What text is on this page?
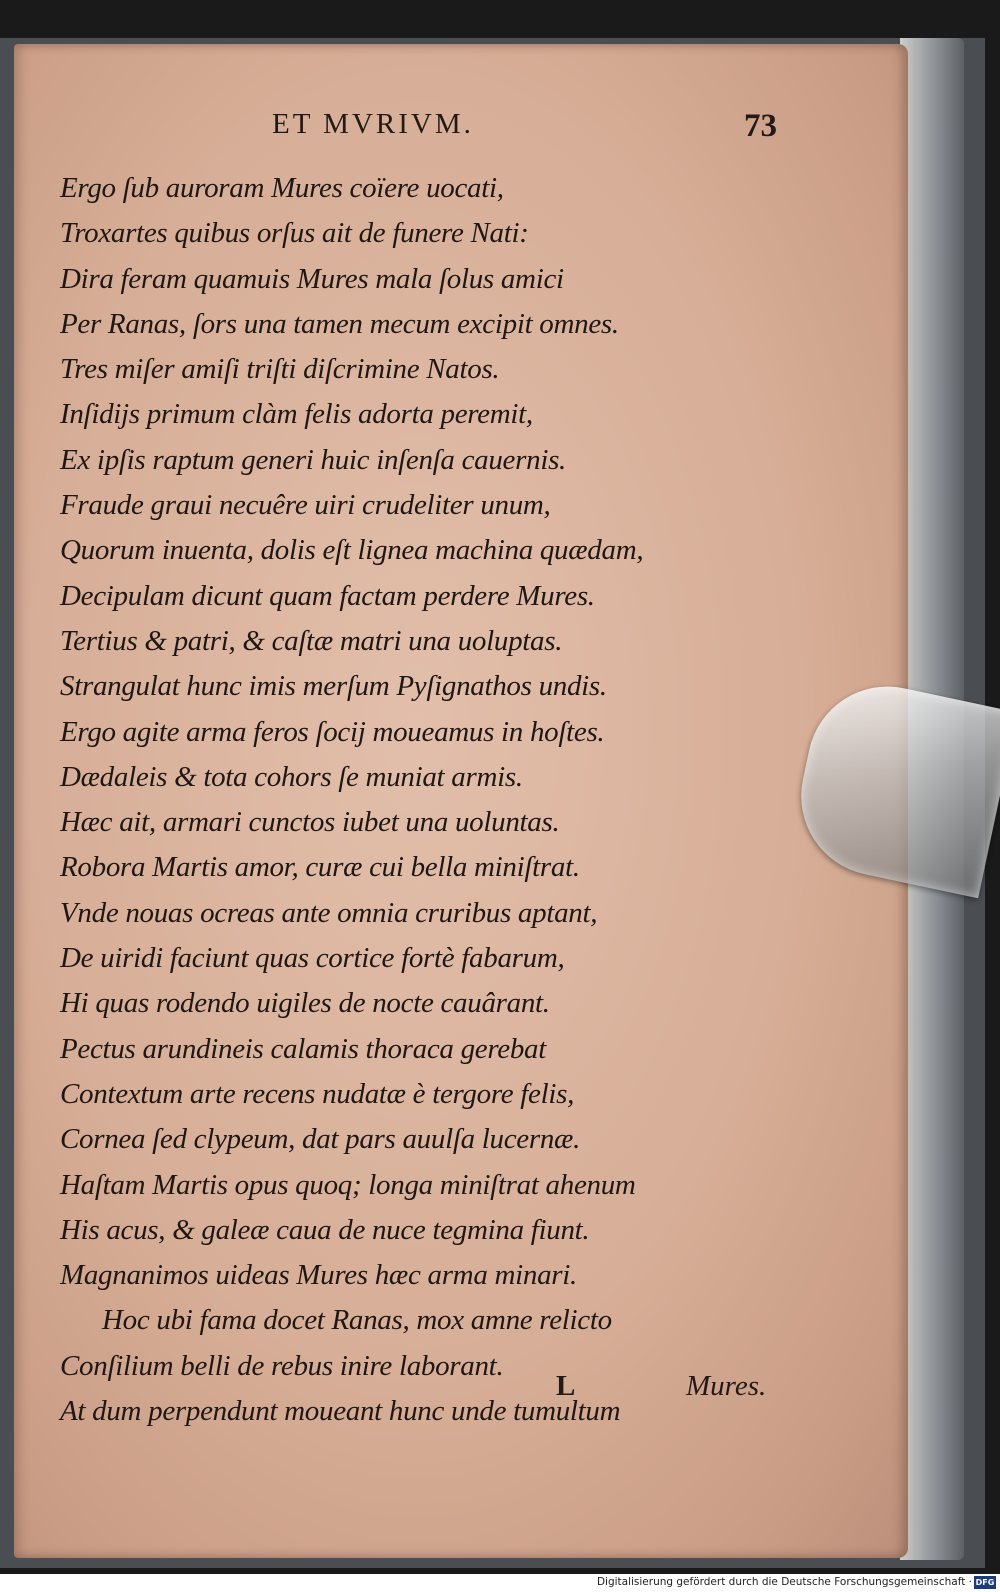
ET MVRIVM.	73
Ergo ſub auroram Mures coïere uocati,
Troxartes quibus orſus ait de funere Nati:
Dira feram quamuis Mures mala ſolus amici
Per Ranas, ſors una tamen mecum excipit omnes.
Tres miſer amiſi triſti diſcrimine Natos.
Inſidijs primum clàm felis adorta peremit,
Ex ipſis raptum generi huic inſenſa cauernis.
Fraude graui necuêre uiri crudeliter unum,
Quorum inuenta, dolis eſt lignea machina quædam,
Decipulam dicunt quam factam perdere Mures.
Tertius & patri, & caſtæ matri una uoluptas.
Strangulat hunc imis merſum Pyſignathos undis.
Ergo agite arma feros ſocij moueamus in hoſtes.
Dædaleis & tota cohors ſe muniat armis.
Hæc ait, armari cunctos iubet una uoluntas.
Robora Martis amor, curæ cui bella miniſtrat.
Vnde nouas ocreas ante omnia cruribus aptant,
De uiridi faciunt quas cortice fortè fabarum,
Hi quas rodendo uigiles de nocte cauârant.
Pectus arundineis calamis thoraca gerebat
Contextum arte recens nudatæ è tergore felis,
Cornea ſed clypeum, dat pars auulſa lucernæ.
Haſtam Martis opus quoq; longa miniſtrat ahenum
His acus, & galeæ caua de nuce tegmina fiunt.
Magnanimos uideas Mures hæc arma minari.
Hoc ubi fama docet Ranas, mox amne relicto
Conſilium belli de rebus inire laborant.
At dum perpendunt moueant hunc unde tumultum
L	Mures.
Digitalisierung gefördert durch die Deutsche Forschungsgemeinschaft · DFG
